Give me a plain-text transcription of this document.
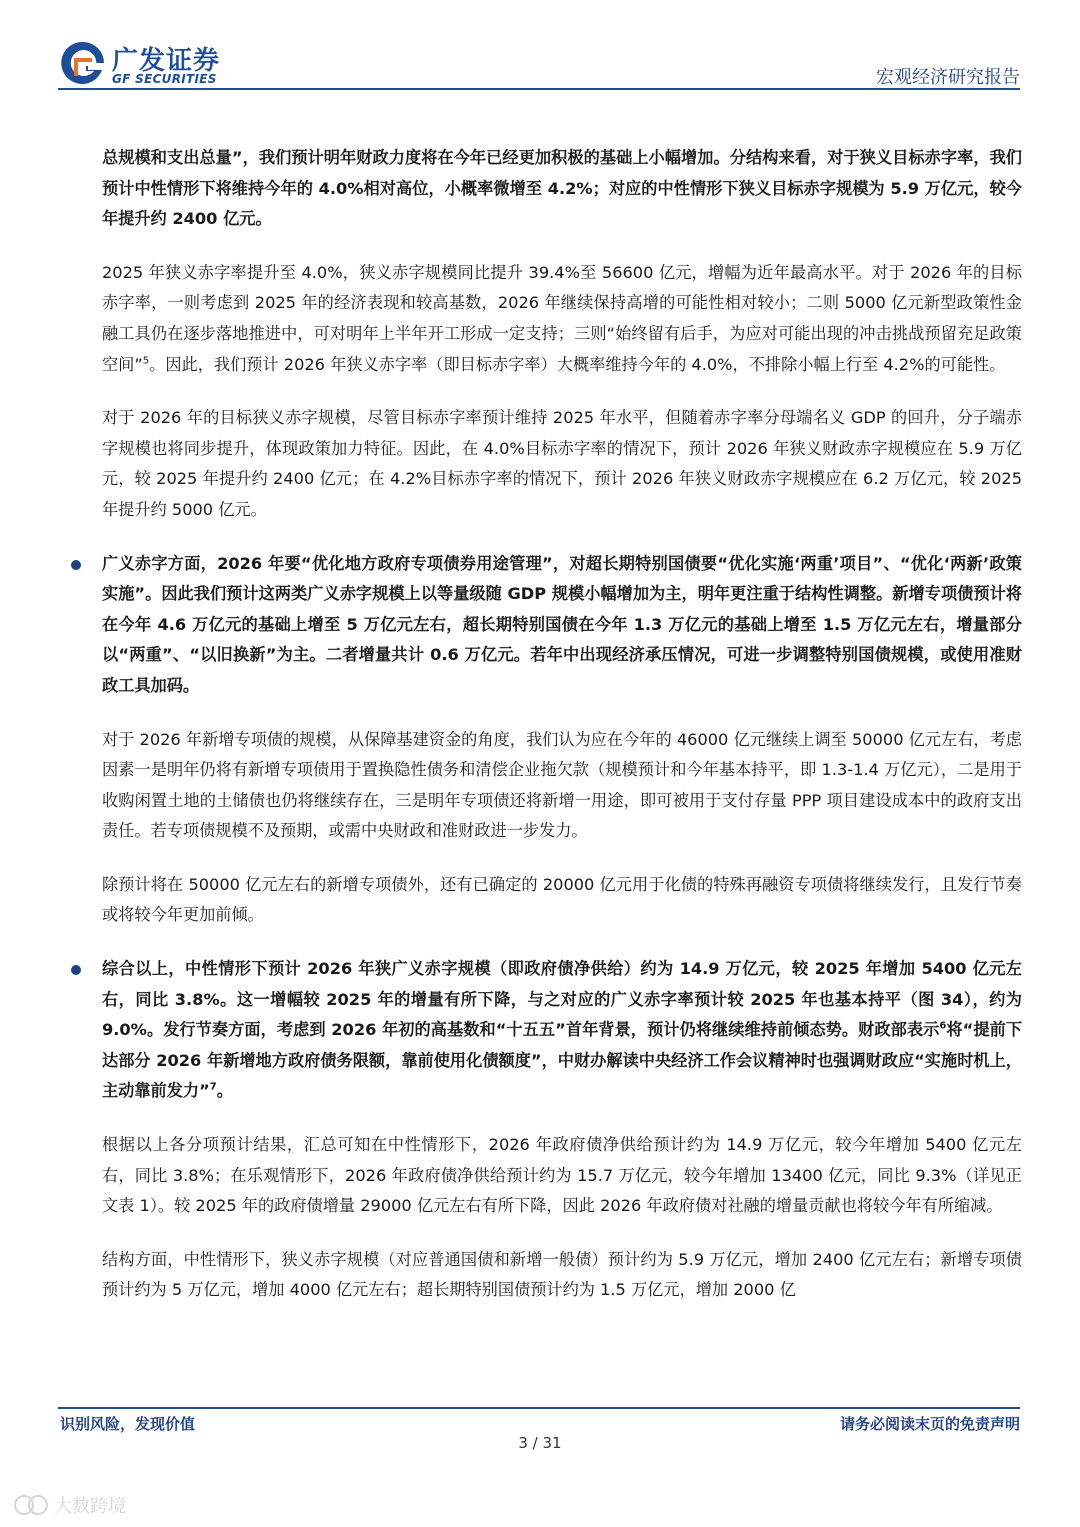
广发证券
GF SECURITIES	宏观经济研究报告

总规模和支出总量”，我们预计明年财政力度将在今年已经更加积极的基础上小幅增加。分结构来看，对于狭义目标赤字率，我们预计中性情形下将维持今年的 4.0%相对高位，小概率微增至 4.2%；对应的中性情形下狭义目标赤字规模为 5.9 万亿元，较今年提升约 2400 亿元。

2025 年狭义赤字率提升至 4.0%，狭义赤字规模同比提升 39.4%至 56600 亿元，增幅为近年最高水平。对于 2026 年的目标赤字率，一则考虑到 2025 年的经济表现和较高基数，2026 年继续保持高增的可能性相对较小；二则 5000 亿元新型政策性金融工具仍在逐步落地推进中，可对明年上半年开工形成一定支持；三则“始终留有后手，为应对可能出现的冲击挑战预留充足政策空间”$^5$。因此，我们预计 2026 年狭义赤字率（即目标赤字率）大概率维持今年的 4.0%，不排除小幅上行至 4.2%的可能性。

对于 2026 年的目标狭义赤字规模，尽管目标赤字率预计维持 2025 年水平，但随着赤字率分母端名义 GDP 的回升，分子端赤字规模也将同步提升，体现政策加力特征。因此，在 4.0%目标赤字率的情况下，预计 2026 年狭义财政赤字规模应在 5.9 万亿元，较 2025 年提升约 2400 亿元；在 4.2%目标赤字率的情况下，预计 2026 年狭义财政赤字规模应在 6.2 万亿元，较 2025 年提升约 5000 亿元。

广义赤字方面，2026 年要“优化地方政府专项债券用途管理”，对超长期特别国债要“优化实施‘两重’项目”、“优化‘两新’政策实施”。因此我们预计这两类广义赤字规模上以等量级随 GDP 规模小幅增加为主，明年更注重于结构性调整。新增专项债预计将在今年 4.6 万亿元的基础上增至 5 万亿元左右，超长期特别国债在今年 1.3 万亿元的基础上增至 1.5 万亿元左右，增量部分以“两重”、“以旧换新”为主。二者增量共计 0.6 万亿元。若年中出现经济承压情况，可进一步调整特别国债规模，或使用准财政工具加码。

对于 2026 年新增专项债的规模，从保障基建资金的角度，我们认为应在今年的 46000 亿元继续上调至 50000 亿元左右，考虑因素一是明年仍将有新增专项债用于置换隐性债务和清偿企业拖欠款（规模预计和今年基本持平，即 1.3-1.4 万亿元），二是用于收购闲置土地的土储债也仍将继续存在，三是明年专项债还将新增一用途，即可被用于支付存量 PPP 项目建设成本中的政府支出责任。若专项债规模不及预期，或需中央财政和准财政进一步发力。

除预计将在 50000 亿元左右的新增专项债外，还有已确定的 20000 亿元用于化债的特殊再融资专项债将继续发行，且发行节奏或将较今年更加前倾。

综合以上，中性情形下预计 2026 年狭广义赤字规模（即政府债净供给）约为 14.9 万亿元，较 2025 年增加 5400 亿元左右，同比 3.8%。这一增幅较 2025 年的增量有所下降，与之对应的广义赤字率预计较 2025 年也基本持平（图 34），约为 9.0%。发行节奏方面，考虑到 2026 年初的高基数和“十五五”首年背景，预计仍将继续维持前倾态势。财政部表示$^6$将“提前下达部分 2026 年新增地方政府债务限额，靠前使用化债额度”，中财办解读中央经济工作会议精神时也强调财政应“实施时机上，主动靠前发力”$^7$。

根据以上各分项预计结果，汇总可知在中性情形下，2026 年政府债净供给预计约为 14.9 万亿元，较今年增加 5400 亿元左右，同比 3.8%；在乐观情形下，2026 年政府债净供给预计约为 15.7 万亿元，较今年增加 13400 亿元，同比 9.3%（详见正文表 1）。较 2025 年的政府债增量 29000 亿元左右有所下降，因此 2026 年政府债对社融的增量贡献也将较今年有所缩减。

结构方面，中性情形下，狭义赤字规模（对应普通国债和新增一般债）预计约为 5.9 万亿元，增加 2400 亿元左右；新增专项债预计约为 5 万亿元，增加 4000 亿元左右；超长期特别国债预计约为 1.5 万亿元，增加 2000 亿

识别风险，发现价值	请务必阅读末页的免责声明
3 / 31
大数跨境
